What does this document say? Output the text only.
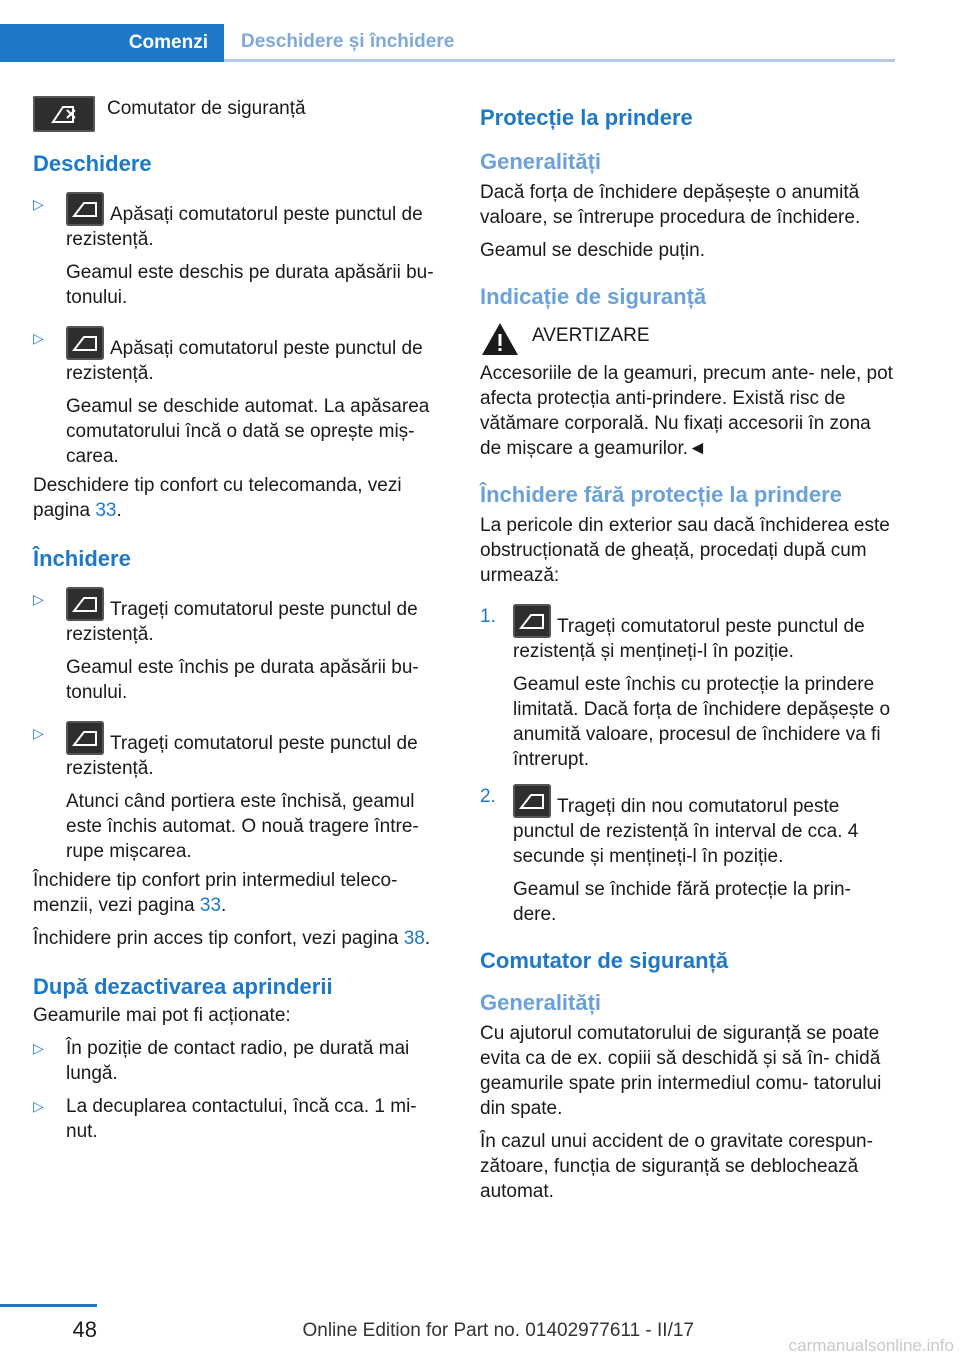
Comenzi	Deschidere și închidere
Comutator de siguranță
Deschidere
▷	Apăsați comutatorul peste punctul de rezistență.
Geamul este deschis pe durata apăsării bu‐ tonului.
▷	Apăsați comutatorul peste punctul de rezistență.
Geamul se deschide automat. La apăsarea comutatorului încă o dată se oprește miș‐ carea.

Deschidere tip confort cu telecomanda, vezi pagina 33.

Închidere
▷	Trageți comutatorul peste punctul de rezistență.
Geamul este închis pe durata apăsării bu‐ tonului.
▷	Trageți comutatorul peste punctul de rezistență.
Atunci când portiera este închisă, geamul este închis automat. O nouă tragere între‐ rupe mișcarea.

Închidere tip confort prin intermediul teleco‐ menzii, vezi pagina 33.

Închidere prin acces tip confort, vezi pagina 38.

După dezactivarea aprinderii

Geamurile mai pot fi acționate:

▷ În poziție de contact radio, pe durată mai lungă.
▷ La decuplarea contactului, încă cca. 1 mi‐ nut.
Protecție la prindere
Generalități

Dacă forța de închidere depășește o anumită valoare, se întrerupe procedura de închidere.

Geamul se deschide puțin.

Indicație de siguranță
AVERTIZARE

Accesoriile de la geamuri, precum ante‐ nele, pot afecta protecția anti-prindere. Există risc de vătămare corporală. Nu fixați accesorii în zona de mișcare a geamurilor.◄

Închidere fără protecție la prindere

La pericole din exterior sau dacă închiderea este obstrucționată de gheață, procedați după cum urmează:

1.	Trageți comutatorul peste punctul de rezistență și mențineți-l în poziție.
Geamul este închis cu protecție la prindere limitată. Dacă forța de închidere depășește o anumită valoare, procesul de închidere va fi întrerupt.
2.	Trageți din nou comutatorul peste punctul de rezistență în interval de cca. 4 secunde și mențineți-l în poziție.
Geamul se închide fără protecție la prin‐ dere.
Comutator de siguranță
Generalități

Cu ajutorul comutatorului de siguranță se poate evita ca de ex. copiii să deschidă și să în‐ chidă geamurile spate prin intermediul comu‐ tatorului din spate.

În cazul unui accident de o gravitate corespun‐ zătoare, funcția de siguranță se deblochează automat.

48	Online Edition for Part no. 01402977611 - II/17
carmanualsonline.info
